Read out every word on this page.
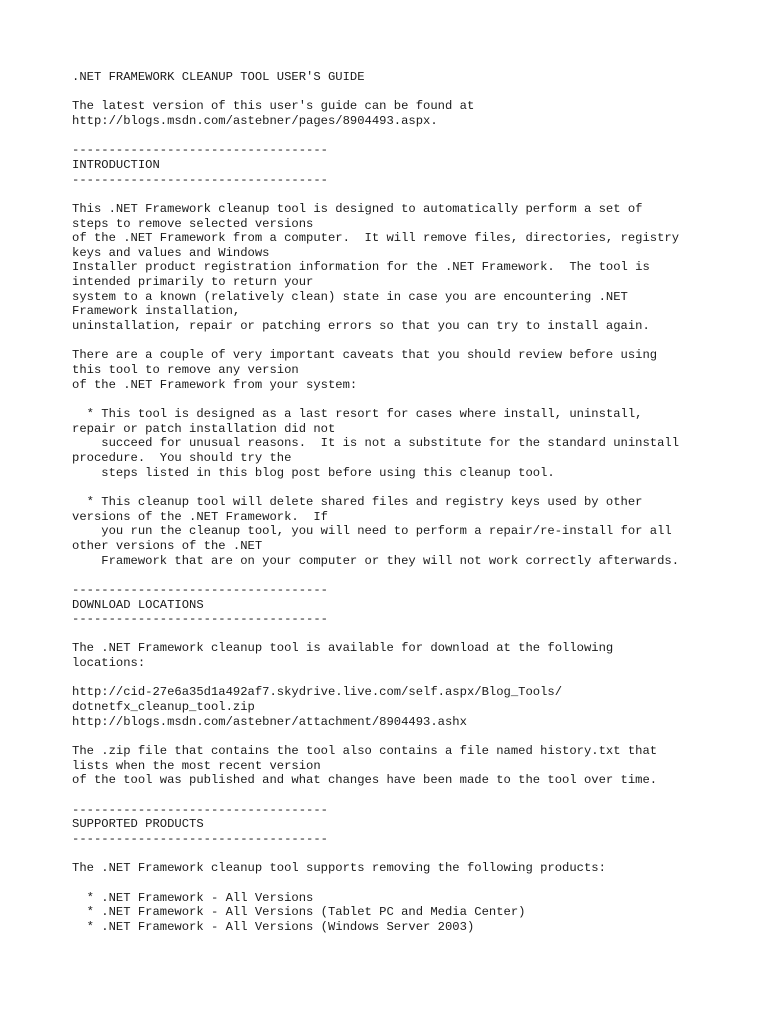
.NET FRAMEWORK CLEANUP TOOL USER'S GUIDE
The latest version of this user's guide can be found at
http://blogs.msdn.com/astebner/pages/8904493.aspx.
-----------------------------------
INTRODUCTION
-----------------------------------
This .NET Framework cleanup tool is designed to automatically perform a set of
steps to remove selected versions
of the .NET Framework from a computer.  It will remove files, directories, registry
keys and values and Windows
Installer product registration information for the .NET Framework.  The tool is
intended primarily to return your
system to a known (relatively clean) state in case you are encountering .NET
Framework installation,
uninstallation, repair or patching errors so that you can try to install again.
There are a couple of very important caveats that you should review before using
this tool to remove any version
of the .NET Framework from your system:
* This tool is designed as a last resort for cases where install, uninstall,
repair or patch installation did not
succeed for unusual reasons.  It is not a substitute for the standard uninstall
procedure.  You should try the
steps listed in this blog post before using this cleanup tool.
* This cleanup tool will delete shared files and registry keys used by other
versions of the .NET Framework.  If
you run the cleanup tool, you will need to perform a repair/re-install for all
other versions of the .NET
Framework that are on your computer or they will not work correctly afterwards.
-----------------------------------
DOWNLOAD LOCATIONS
-----------------------------------
The .NET Framework cleanup tool is available for download at the following
locations:
http://cid-27e6a35d1a492af7.skydrive.live.com/self.aspx/Blog_Tools/
dotnetfx_cleanup_tool.zip
http://blogs.msdn.com/astebner/attachment/8904493.ashx
The .zip file that contains the tool also contains a file named history.txt that
lists when the most recent version
of the tool was published and what changes have been made to the tool over time.
-----------------------------------
SUPPORTED PRODUCTS
-----------------------------------
The .NET Framework cleanup tool supports removing the following products:
* .NET Framework - All Versions
* .NET Framework - All Versions (Tablet PC and Media Center)
* .NET Framework - All Versions (Windows Server 2003)
